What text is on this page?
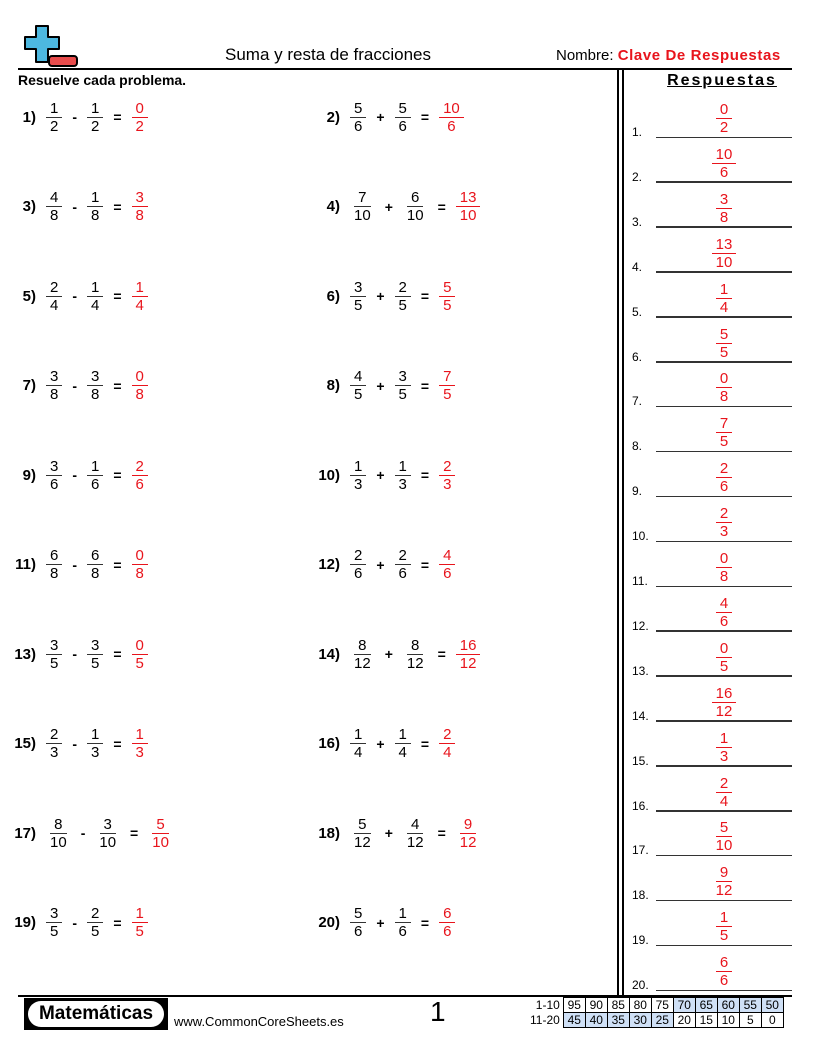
Suma y resta de fracciones	Nombre: Clave De Respuestas
Resuelve cada problema.	Respuestas
$1) \frac{1}{2} - \frac{1}{2} = \frac{0}{2}$	$2) \frac{5}{6} + \frac{5}{6} = \frac{10}{6}$
$3) \frac{4}{8} - \frac{1}{8} = \frac{3}{8}$	$4) \frac{7}{10} + \frac{6}{10} = \frac{13}{10}$
$5) \frac{2}{4} - \frac{1}{4} = \frac{1}{4}$	$6) \frac{3}{5} + \frac{2}{5} = \frac{5}{5}$
$7) \frac{3}{8} - \frac{3}{8} = \frac{0}{8}$	$8) \frac{4}{5} + \frac{3}{5} = \frac{7}{5}$
$9) \frac{3}{6} - \frac{1}{6} = \frac{2}{6}$	$10) \frac{1}{3} + \frac{1}{3} = \frac{2}{3}$
$11) \frac{6}{8} - \frac{6}{8} = \frac{0}{8}$	$12) \frac{2}{6} + \frac{2}{6} = \frac{4}{6}$
$13) \frac{3}{5} - \frac{3}{5} = \frac{0}{5}$	$14) \frac{8}{12} + \frac{8}{12} = \frac{16}{12}$
$15) \frac{2}{3} - \frac{1}{3} = \frac{1}{3}$	$16) \frac{1}{4} + \frac{1}{4} = \frac{2}{4}$
$17) \frac{8}{10} - \frac{3}{10} = \frac{5}{10}$	$18) \frac{5}{12} + \frac{4}{12} = \frac{9}{12}$
$19) \frac{3}{5} - \frac{2}{5} = \frac{1}{5}$	$20) \frac{5}{6} + \frac{1}{6} = \frac{6}{6}$
1.	$\frac{0}{2}$
2.	$\frac{10}{6}$
3.	$\frac{3}{8}$
4.	$\frac{13}{10}$
5.	$\frac{1}{4}$
6.	$\frac{5}{5}$
7.	$\frac{0}{8}$
8.	$\frac{7}{5}$
9.	$\frac{2}{6}$
10.	$\frac{2}{3}$
11.	$\frac{0}{8}$
12.	$\frac{4}{6}$
13.	$\frac{0}{5}$
14.	$\frac{16}{12}$
15.	$\frac{1}{3}$
16.	$\frac{2}{4}$
17.	$\frac{5}{10}$
18.	$\frac{9}{12}$
19.	$\frac{1}{5}$
20.	$\frac{6}{6}$
Matemáticas	www.CommonCoreSheets.es	1	1-10	95	90	85	80	75	70	65	60	55	50
11-20	45	40	35	30	25	20	15	10	5	0
